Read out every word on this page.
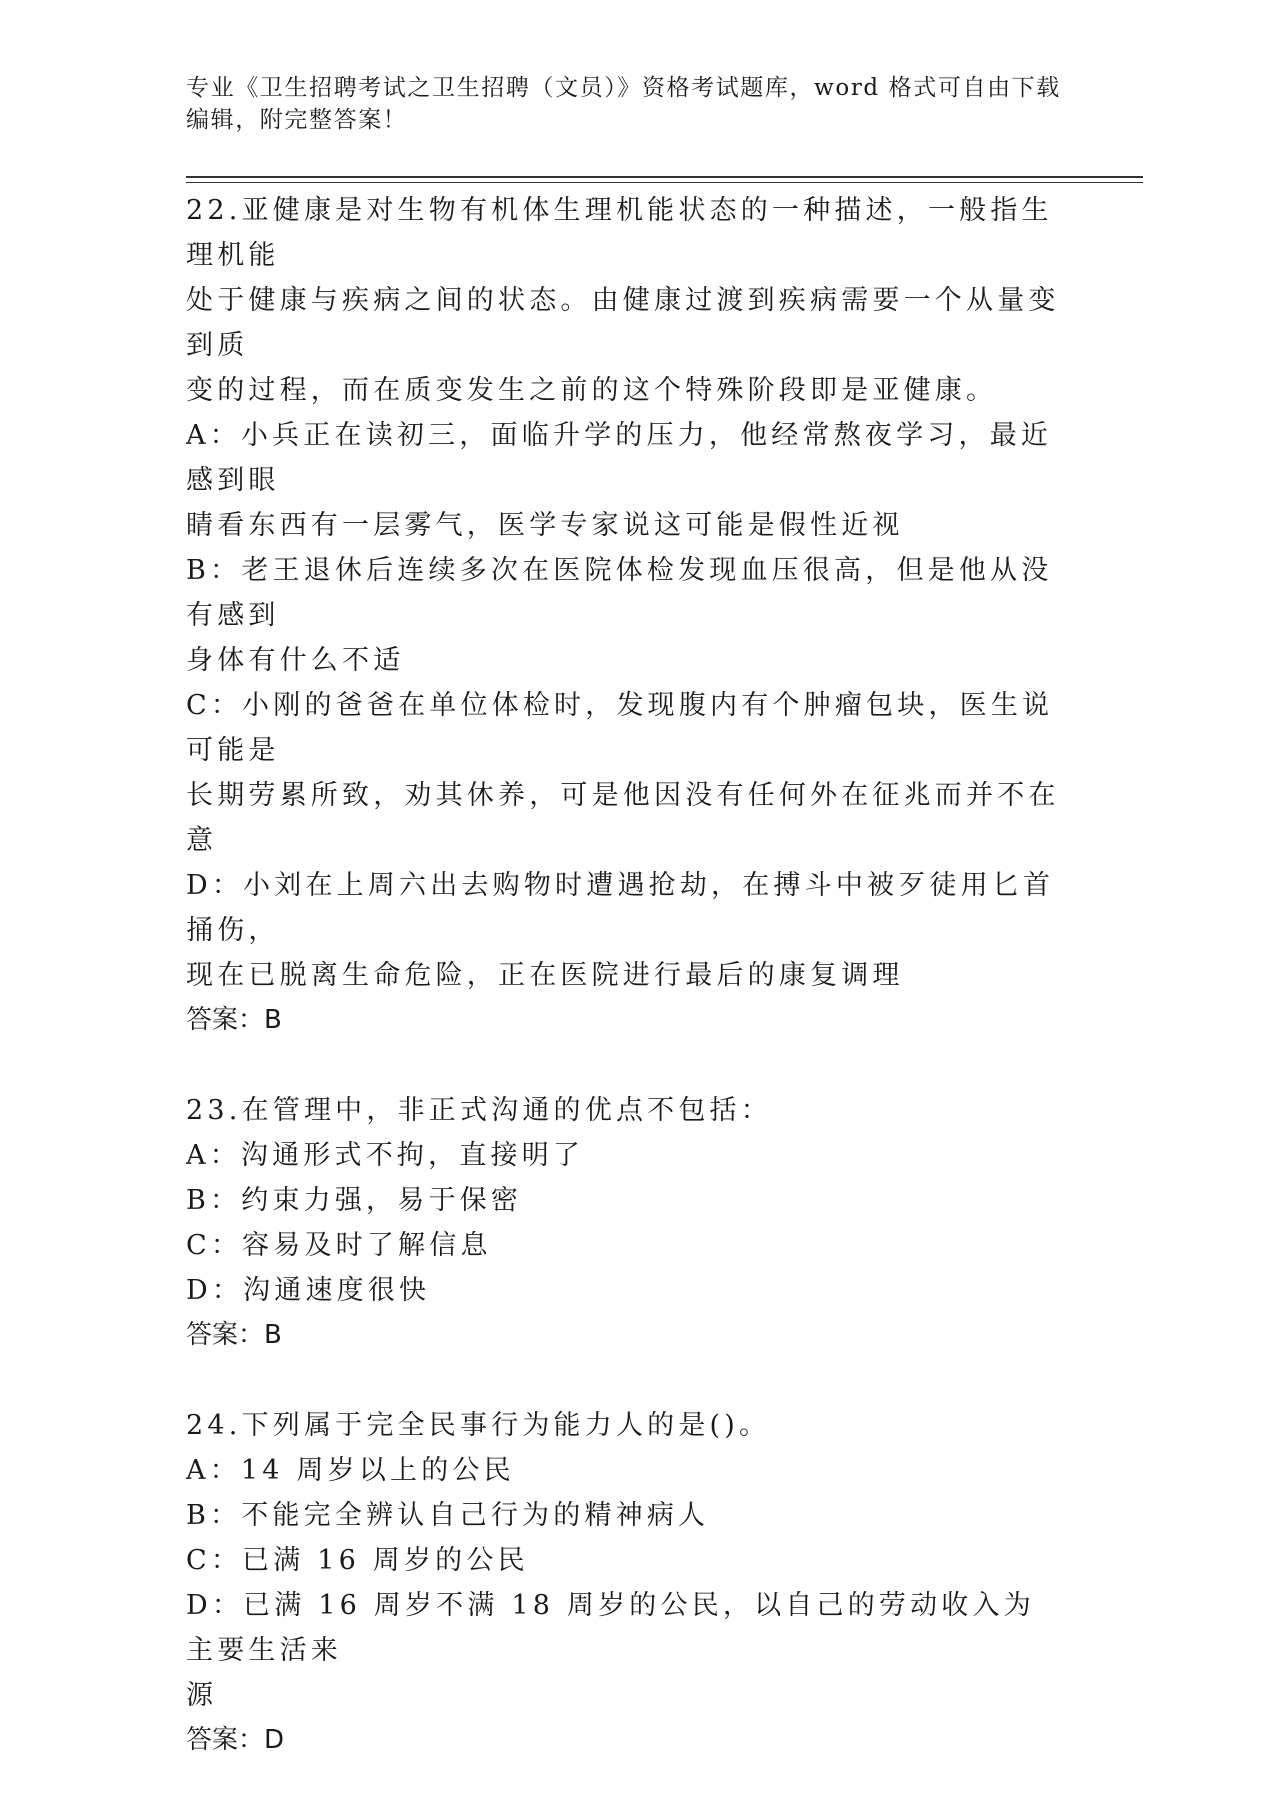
专业《卫生招聘考试之卫生招聘（文员）》资格考试题库，word 格式可自由下载
编辑，附完整答案！

22.亚健康是对生物有机体生理机能状态的一种描述，一般指生理机能
处于健康与疾病之间的状态。由健康过渡到疾病需要一个从量变到质
变的过程，而在质变发生之前的这个特殊阶段即是亚健康。

A：小兵正在读初三，面临升学的压力，他经常熬夜学习，最近感到眼
睛看东西有一层雾气，医学专家说这可能是假性近视

B：老王退休后连续多次在医院体检发现血压很高，但是他从没有感到
身体有什么不适

C：小刚的爸爸在单位体检时，发现腹内有个肿瘤包块，医生说可能是
长期劳累所致，劝其休养，可是他因没有任何外在征兆而并不在意

D：小刘在上周六出去购物时遭遇抢劫，在搏斗中被歹徒用匕首捅伤，
现在已脱离生命危险，正在医院进行最后的康复调理

答案：B

23.在管理中，非正式沟通的优点不包括：

A：沟通形式不拘，直接明了

B：约束力强，易于保密

C：容易及时了解信息

D：沟通速度很快

答案：B

24.下列属于完全民事行为能力人的是()。

A：14 周岁以上的公民

B：不能完全辨认自己行为的精神病人

C：已满 16 周岁的公民

D：已满 16 周岁不满 18 周岁的公民，以自己的劳动收入为主要生活来
源

答案：D
